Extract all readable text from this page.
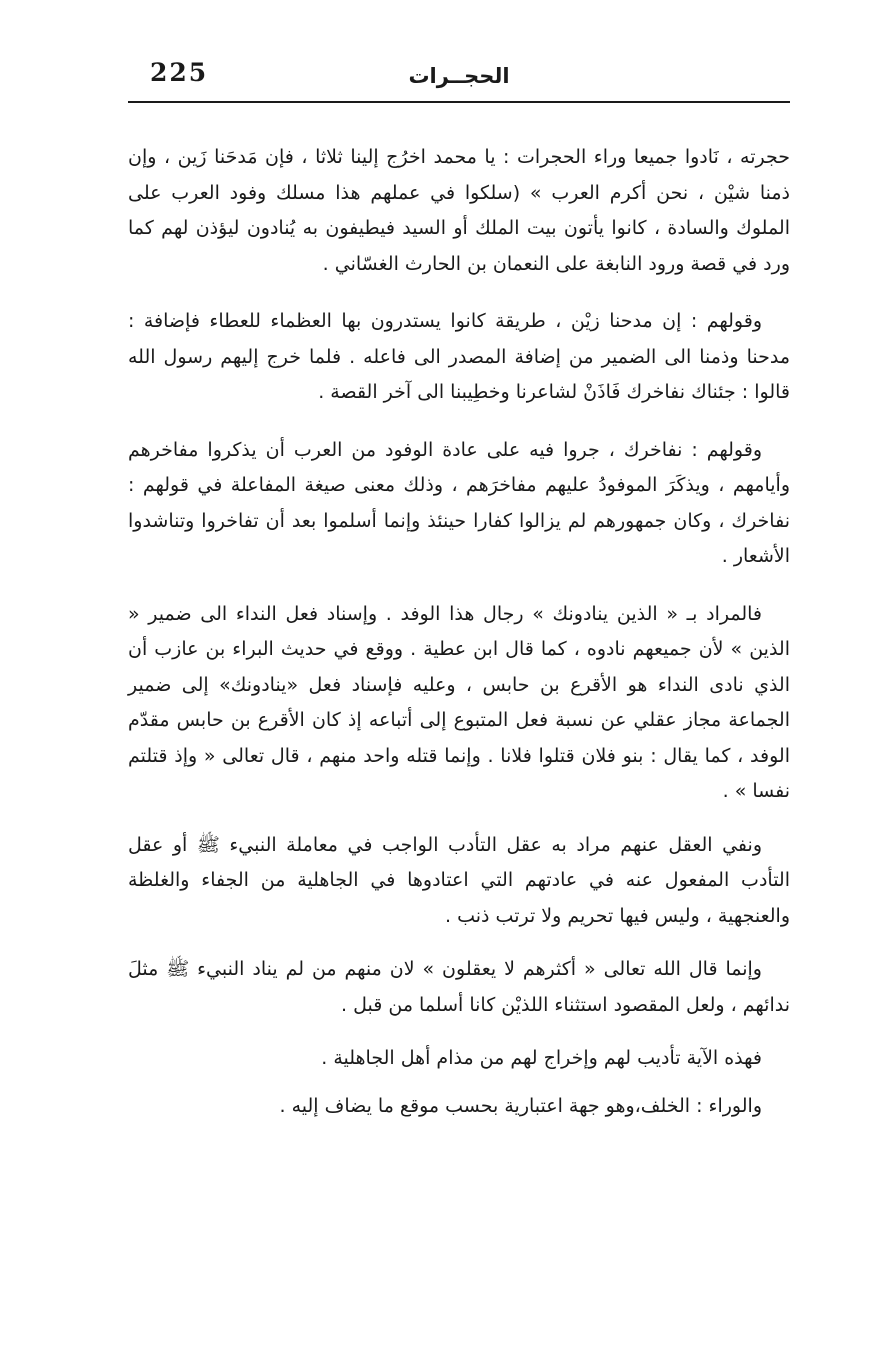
225	الحجــرات

حجرته ، نَادوا جميعا وراء الحجرات : يا محمد اخرُج إلينا ثلاثا ، فإن مَدحَنا زَين ، وإن ذمنا شيْن ، نحن أكرم العرب » (سلكوا في عملهم هذا مسلك وفود العرب على الملوك والسادة ، كانوا يأتون بيت الملك أو السيد فيطيفون به يُنادون ليؤذن لهم كما ورد في قصة ورود النابغة على النعمان بن الحارث الغسّاني .

وقولهم : إن مدحنا زيْن ، طريقة كانوا يستدرون بها العظماء للعطاء فإضافة : مدحنا وذمنا الى الضمير من إضافة المصدر الى فاعله . فلما خرج إليهم رسول الله قالوا : جئناك نفاخرك فَاذَنْ لشاعرنا وخطِيبنا الى آخر القصة .

وقولهم : نفاخرك ، جروا فيه على عادة الوفود من العرب أن يذكروا مفاخرهم وأيامهم ، ويذكَرَ الموفودُ عليهم مفاخرَهم ، وذلك معنى صيغة المفاعلة في قولهم : نفاخرك ، وكان جمهورهم لم يزالوا كفارا حينئذ وإنما أسلموا بعد أن تفاخروا وتناشدوا الأشعار .

فالمراد بـ « الذين ينادونك » رجال هذا الوفد . وإسناد فعل النداء الى ضمير « الذين » لأن جميعهم نادوه ، كما قال ابن عطية . ووقع في حديث البراء بن عازب أن الذي نادى النداء هو الأقرع بن حابس ، وعليه فإسناد فعل «ينادونك» إلى ضمير الجماعة مجاز عقلي عن نسبة فعل المتبوع إلى أتباعه إذ كان الأقرع بن حابس مقدّم الوفد ، كما يقال : بنو فلان قتلوا فلانا . وإنما قتله واحد منهم ، قال تعالى « وإذ قتلتم نفسا » .

ونفي العقل عنهم مراد به عقل التأدب الواجب في معاملة النبيء ﷺ أو عقل التأدب المفعول عنه في عادتهم التي اعتادوها في الجاهلية من الجفاء والغلظة والعنجهية ، وليس فيها تحريم ولا ترتب ذنب .

وإنما قال الله تعالى « أكثرهم لا يعقلون » لان منهم من لم يناد النبيء ﷺ مثلَ ندائهم ، ولعل المقصود استثناء اللذيْن كانا أسلما من قبل .

فهذه الآية تأديب لهم وإخراج لهم من مذام أهل الجاهلية .

والوراء : الخلف،وهو جهة اعتبارية بحسب موقع ما يضاف إليه .
